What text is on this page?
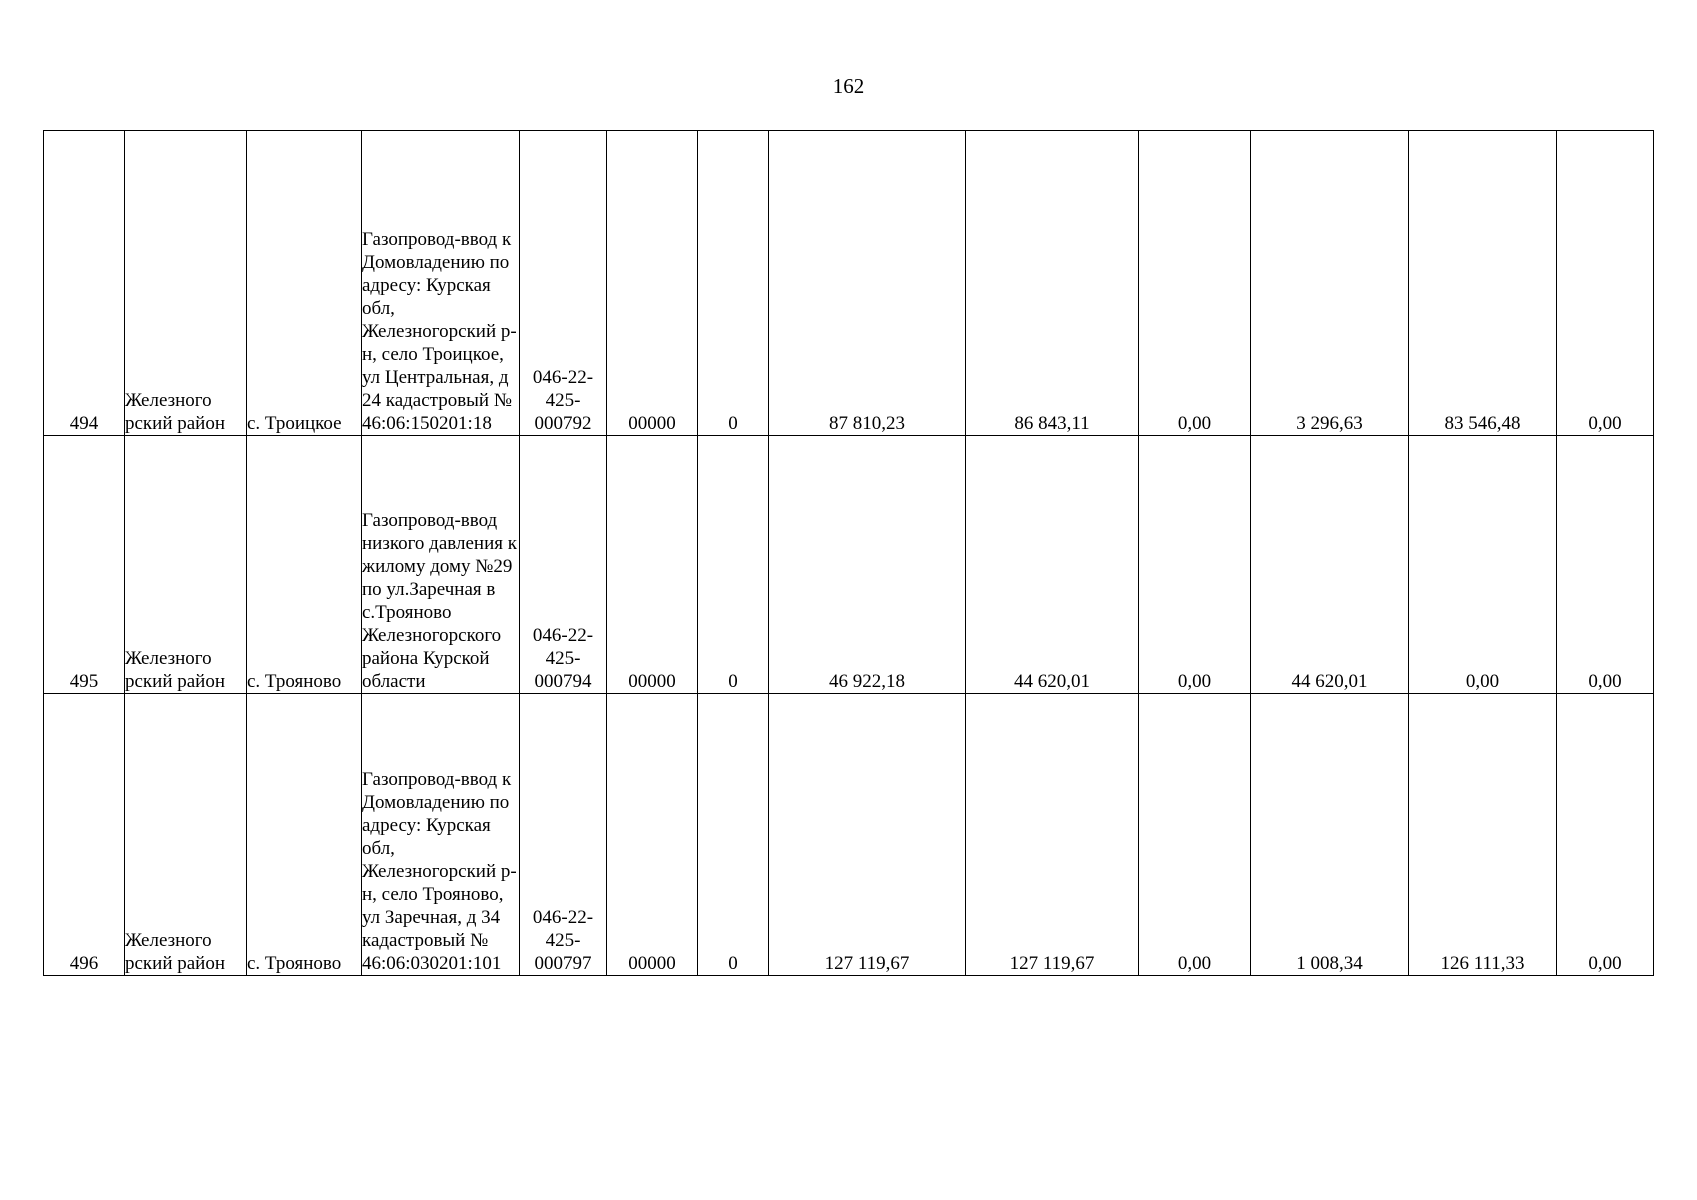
162
494	Железного рский район	с. Троицкое	Газопровод-ввод к Домовладению по адресу: Курская обл, Железногорский р-н, село Троицкое, ул Центральная, д 24 кадастровый № 46:06:150201:18	046-22-425-000792	00000	0	87 810,23	86 843,11	0,00	3 296,63	83 546,48	0,00
495	Железного рский район	с. Трояново	Газопровод-ввод низкого давления к жилому дому №29 по ул.Заречная в с.Трояново Железногорского района Курской области	046-22-425-000794	00000	0	46 922,18	44 620,01	0,00	44 620,01	0,00	0,00
496	Железного рский район	с. Трояново	Газопровод-ввод к Домовладению по адресу: Курская обл, Железногорский р-н, село Трояново, ул Заречная, д 34 кадастровый № 46:06:030201:101	046-22-425-000797	00000	0	127 119,67	127 119,67	0,00	1 008,34	126 111,33	0,00
